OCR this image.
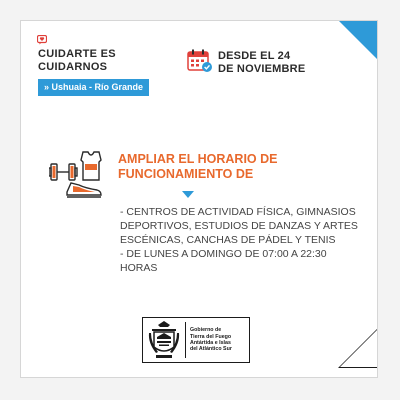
CUIDARTE ES
CUIDARNOS
» Ushuaia - Río Grande
DESDE EL 24
DE NOVIEMBRE
AMPLIAR EL HORARIO DE
FUNCIONAMIENTO DE
- CENTROS DE ACTIVIDAD FÍSICA, GIMNASIOS
DEPORTIVOS, ESTUDIOS DE DANZAS Y ARTES
ESCÉNICAS, CANCHAS DE PÁDEL Y TENIS
- DE LUNES A DOMINGO DE 07:00 A 22:30
HORAS
Gobierno de
Tierra del Fuego
Antártida e Islas
del Atlántico Sur
